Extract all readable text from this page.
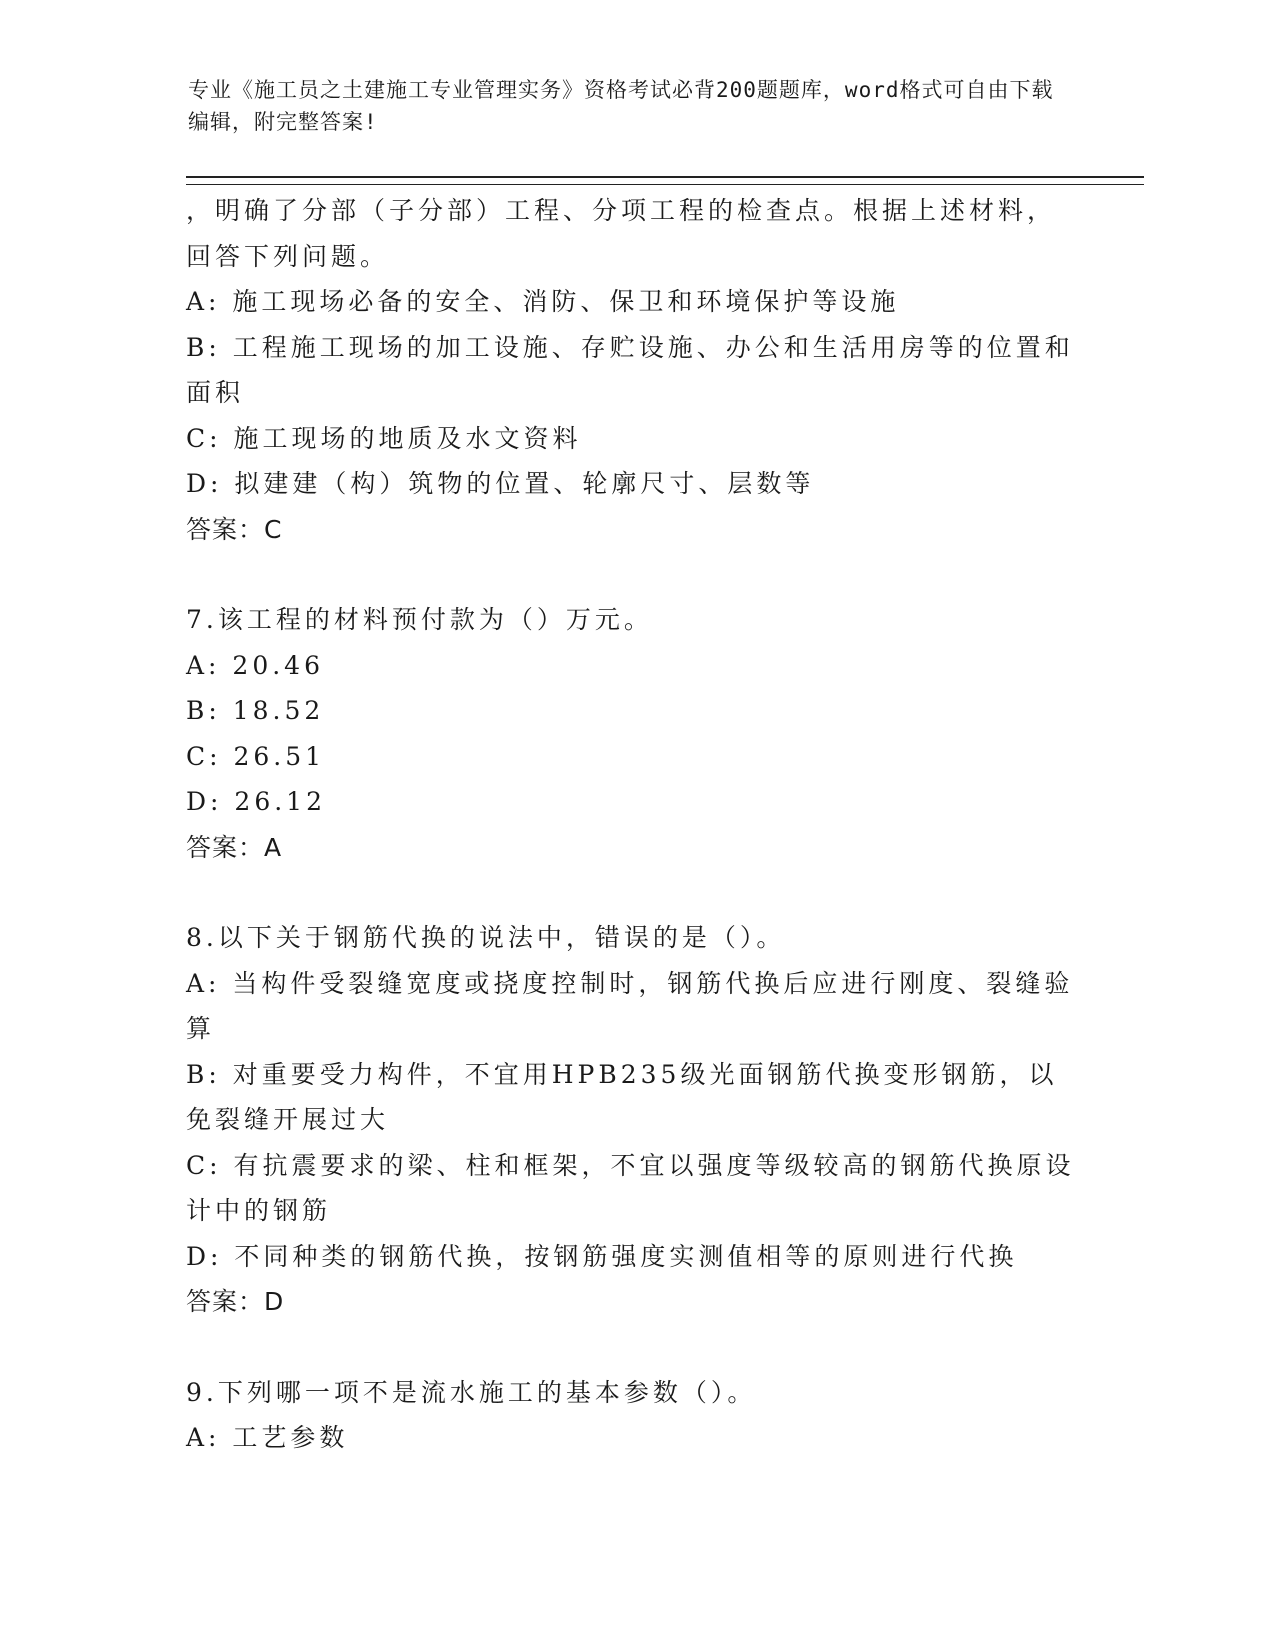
专业《施工员之土建施工专业管理实务》资格考试必背200题题库，word格式可自由下载编辑，附完整答案!

，明确了分部（子分部）工程、分项工程的检查点。根据上述材料，回答下列问题。

A: 施工现场必备的安全、消防、保卫和环境保护等设施

B: 工程施工现场的加工设施、存贮设施、办公和生活用房等的位置和面积

C: 施工现场的地质及水文资料

D: 拟建建（构）筑物的位置、轮廓尺寸、层数等

答案：C

7.该工程的材料预付款为（）万元。

A: 20.46

B: 18.52

C: 26.51

D: 26.12

答案：A

8.以下关于钢筋代换的说法中，错误的是（）。

A: 当构件受裂缝宽度或挠度控制时，钢筋代换后应进行刚度、裂缝验算

B: 对重要受力构件，不宜用HPB235级光面钢筋代换变形钢筋，以免裂缝开展过大

C: 有抗震要求的梁、柱和框架，不宜以强度等级较高的钢筋代换原设计中的钢筋

D: 不同种类的钢筋代换，按钢筋强度实测值相等的原则进行代换

答案：D

9.下列哪一项不是流水施工的基本参数（）。

A: 工艺参数
